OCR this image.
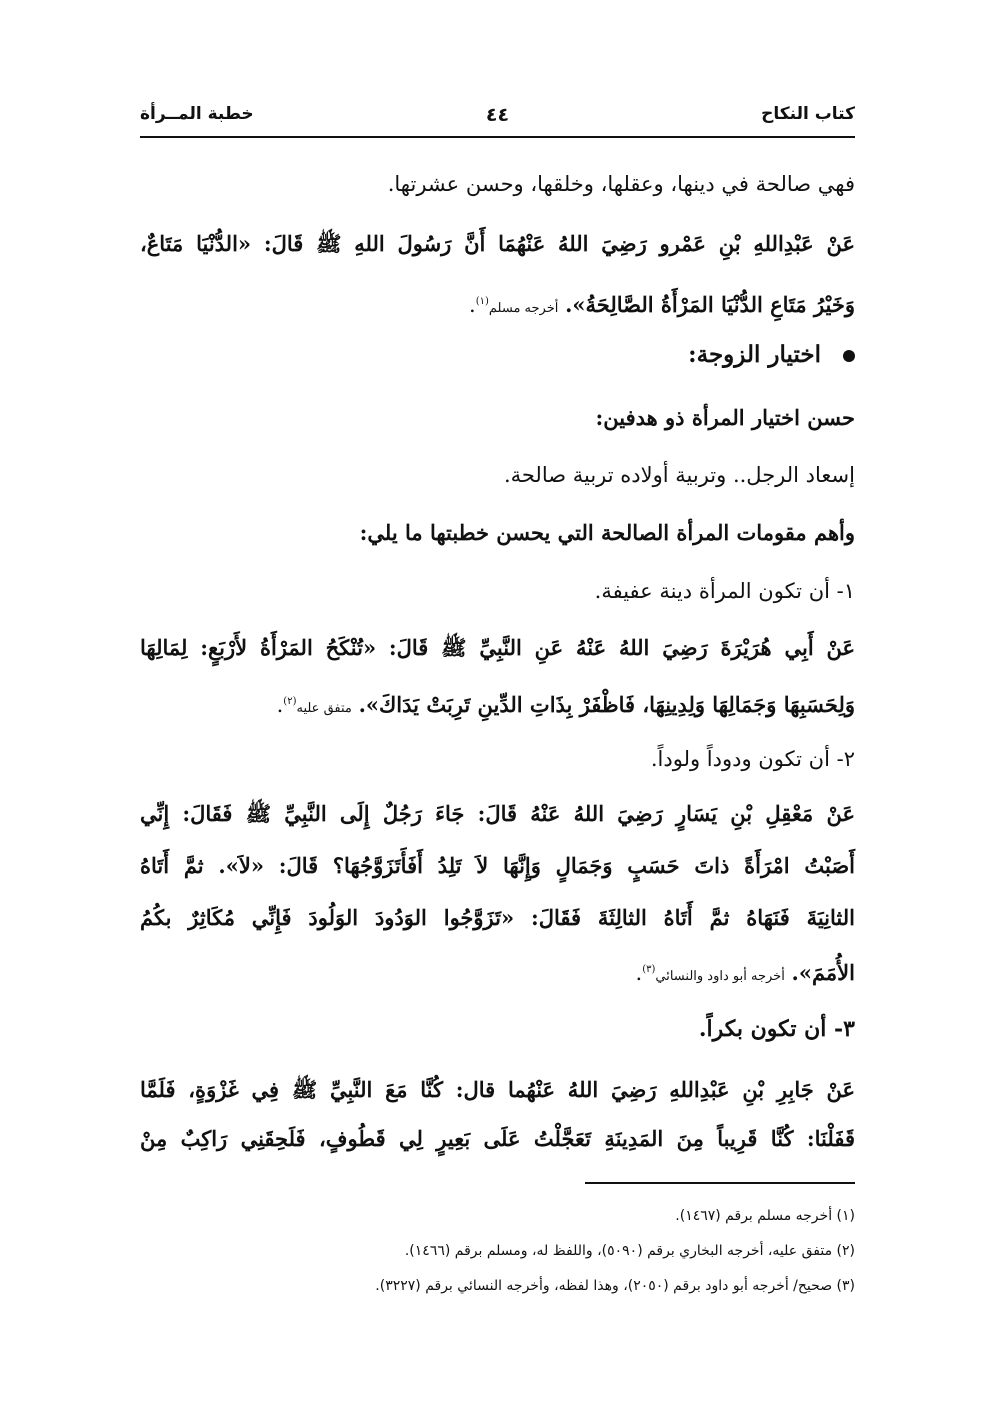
كتاب النكاح
٤٤
خطبة المــرأة
فهي صالحة في دينها، وعقلها، وخلقها، وحسن عشرتها.
عَنْ عَبْدِاللهِ بْنِ عَمْرو رَضِيَ اللهُ عَنْهُمَا أَنَّ رَسُولَ اللهِ ﷺ قَالَ: «الدُّنْيَا مَتَاعٌ،
وَخَيْرُ مَتَاعِ الدُّنْيَا المَرْأَةُ الصَّالِحَةُ». أخرجه مسلم$^{(١)}$.
اختيار الزوجة:
حسن اختيار المرأة ذو هدفين:
إسعاد الرجل.. وتربية أولاده تربية صالحة.
وأهم مقومات المرأة الصالحة التي يحسن خطبتها ما يلي:
١- أن تكون المرأة دينة عفيفة.
عَنْ أَبِي هُرَيْرَةَ رَضِيَ اللهُ عَنْهُ عَنِ النَّبِيِّ ﷺ قَالَ: «تُنْكَحُ المَرْأَةُ لأَرْبَعٍ: لِمَالِهَا
وَلِحَسَبِهَا وَجَمَالِهَا وَلِدِينِهَا، فَاظْفَرْ بِذَاتِ الدِّينِ تَرِبَتْ يَدَاكَ». متفق عليه$^{(٢)}$.
٢- أن تكون ودوداً ولوداً.
عَنْ مَعْقِلِ بْنِ يَسَارٍ رَضِيَ اللهُ عَنْهُ قَالَ: جَاءَ رَجُلٌ إِلَى النَّبِيِّ ﷺ فَقَالَ: إِنِّي
أَصَبْتُ امْرَأَةً ذاتَ حَسَبٍ وَجَمَالٍ وَإِنَّهَا لاَ تَلِدُ أَفَأَتَزَوَّجُهَا؟ قَالَ: «لاَ». ثمَّ أَتَاهُ
الثانِيَةَ فَنَهَاهُ ثمَّ أَتَاهُ الثالِثَةَ فَقَالَ: «تَزَوَّجُوا الوَدُودَ الوَلُودَ فَإِنِّي مُكَاثِرٌ بكُمُ
الأُمَمَ». أخرجه أبو داود والنسائي$^{(٣)}$.
٣- أن تكون بكراً.
عَنْ جَابِرِ بْنِ عَبْدِاللهِ رَضِيَ اللهُ عَنْهُما قال: كُنَّا مَعَ النَّبِيِّ ﷺ فِي غَزْوَةٍ، فَلَمَّا
قَفَلْنَا: كُنَّا قَرِيباً مِنَ المَدِينَةِ تَعَجَّلْتُ عَلَى بَعِيرٍ لِي قَطُوفٍ، فَلَحِقَنِي رَاكِبٌ مِنْ
(١) أخرجه مسلم برقم (١٤٦٧).
(٢) متفق عليه، أخرجه البخاري برقم (٥٠٩٠)، واللفظ له، ومسلم برقم (١٤٦٦).
(٣) صحيح/ أخرجه أبو داود برقم (٢٠٥٠)، وهذا لفظه، وأخرجه النسائي برقم (٣٢٢٧).
